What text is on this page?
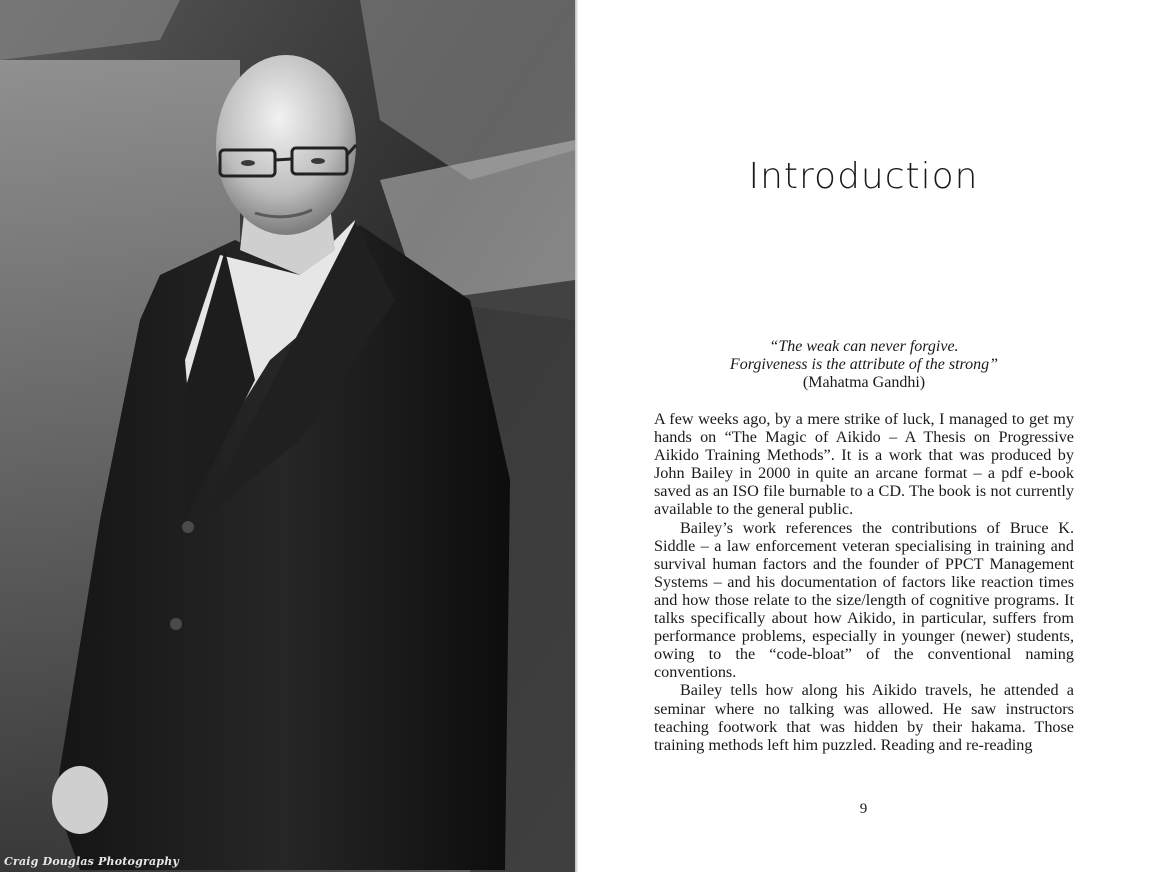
Craig Douglas Photography
Introduction
“The weak can never forgive.
Forgiveness is the attribute of the strong”
(Mahatma Gandhi)

A few weeks ago, by a mere strike of luck, I managed to get my hands on “The Magic of Aikido – A Thesis on Progressive Aikido Training Methods”. It is a work that was produced by John Bailey in 2000 in quite an arcane format – a pdf e-book saved as an ISO file burnable to a CD. The book is not currently available to the general public.

Bailey’s work references the contributions of Bruce K. Siddle – a law enforcement veteran specialising in training and survival human factors and the founder of PPCT Management Systems – and his documentation of factors like reaction times and how those relate to the size/length of cognitive programs. It talks specifically about how Aikido, in particular, suffers from performance problems, especially in younger (newer) students, owing to the “code-bloat” of the conventional naming conventions.

Bailey tells how along his Aikido travels, he attended a seminar where no talking was allowed. He saw instructors teaching footwork that was hidden by their hakama. Those training methods left him puzzled. Reading and re-reading

9
